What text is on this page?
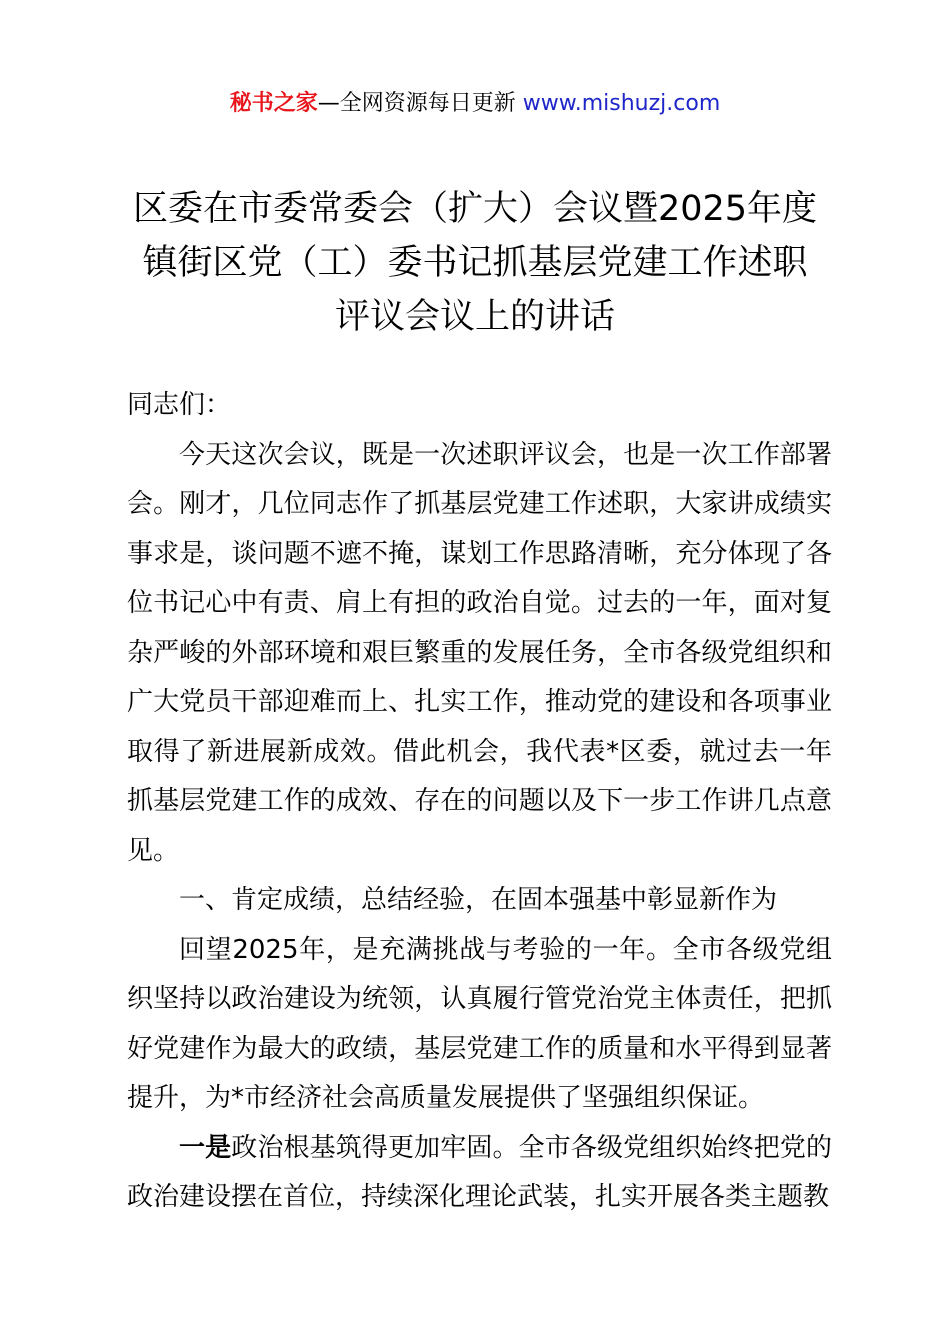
秘书之家—全网资源每日更新 www.mishuzj.com
区委在市委常委会（扩大）会议暨2025年度
镇街区党（工）委书记抓基层党建工作述职
评议会议上的讲话

同志们：

今天这次会议，既是一次述职评议会，也是一次工作部署会。刚才，几位同志作了抓基层党建工作述职，大家讲成绩实事求是，谈问题不遮不掩，谋划工作思路清晰，充分体现了各位书记心中有责、肩上有担的政治自觉。过去的一年，面对复杂严峻的外部环境和艰巨繁重的发展任务，全市各级党组织和广大党员干部迎难而上、扎实工作，推动党的建设和各项事业取得了新进展新成效。借此机会，我代表*区委，就过去一年抓基层党建工作的成效、存在的问题以及下一步工作讲几点意见。

一、肯定成绩，总结经验，在固本强基中彰显新作为

回望2025年，是充满挑战与考验的一年。全市各级党组织坚持以政治建设为统领，认真履行管党治党主体责任，把抓好党建作为最大的政绩，基层党建工作的质量和水平得到显著提升，为*市经济社会高质量发展提供了坚强组织保证。

一是政治根基筑得更加牢固。全市各级党组织始终把党的政治建设摆在首位，持续深化理论武装，扎实开展各类主题教
